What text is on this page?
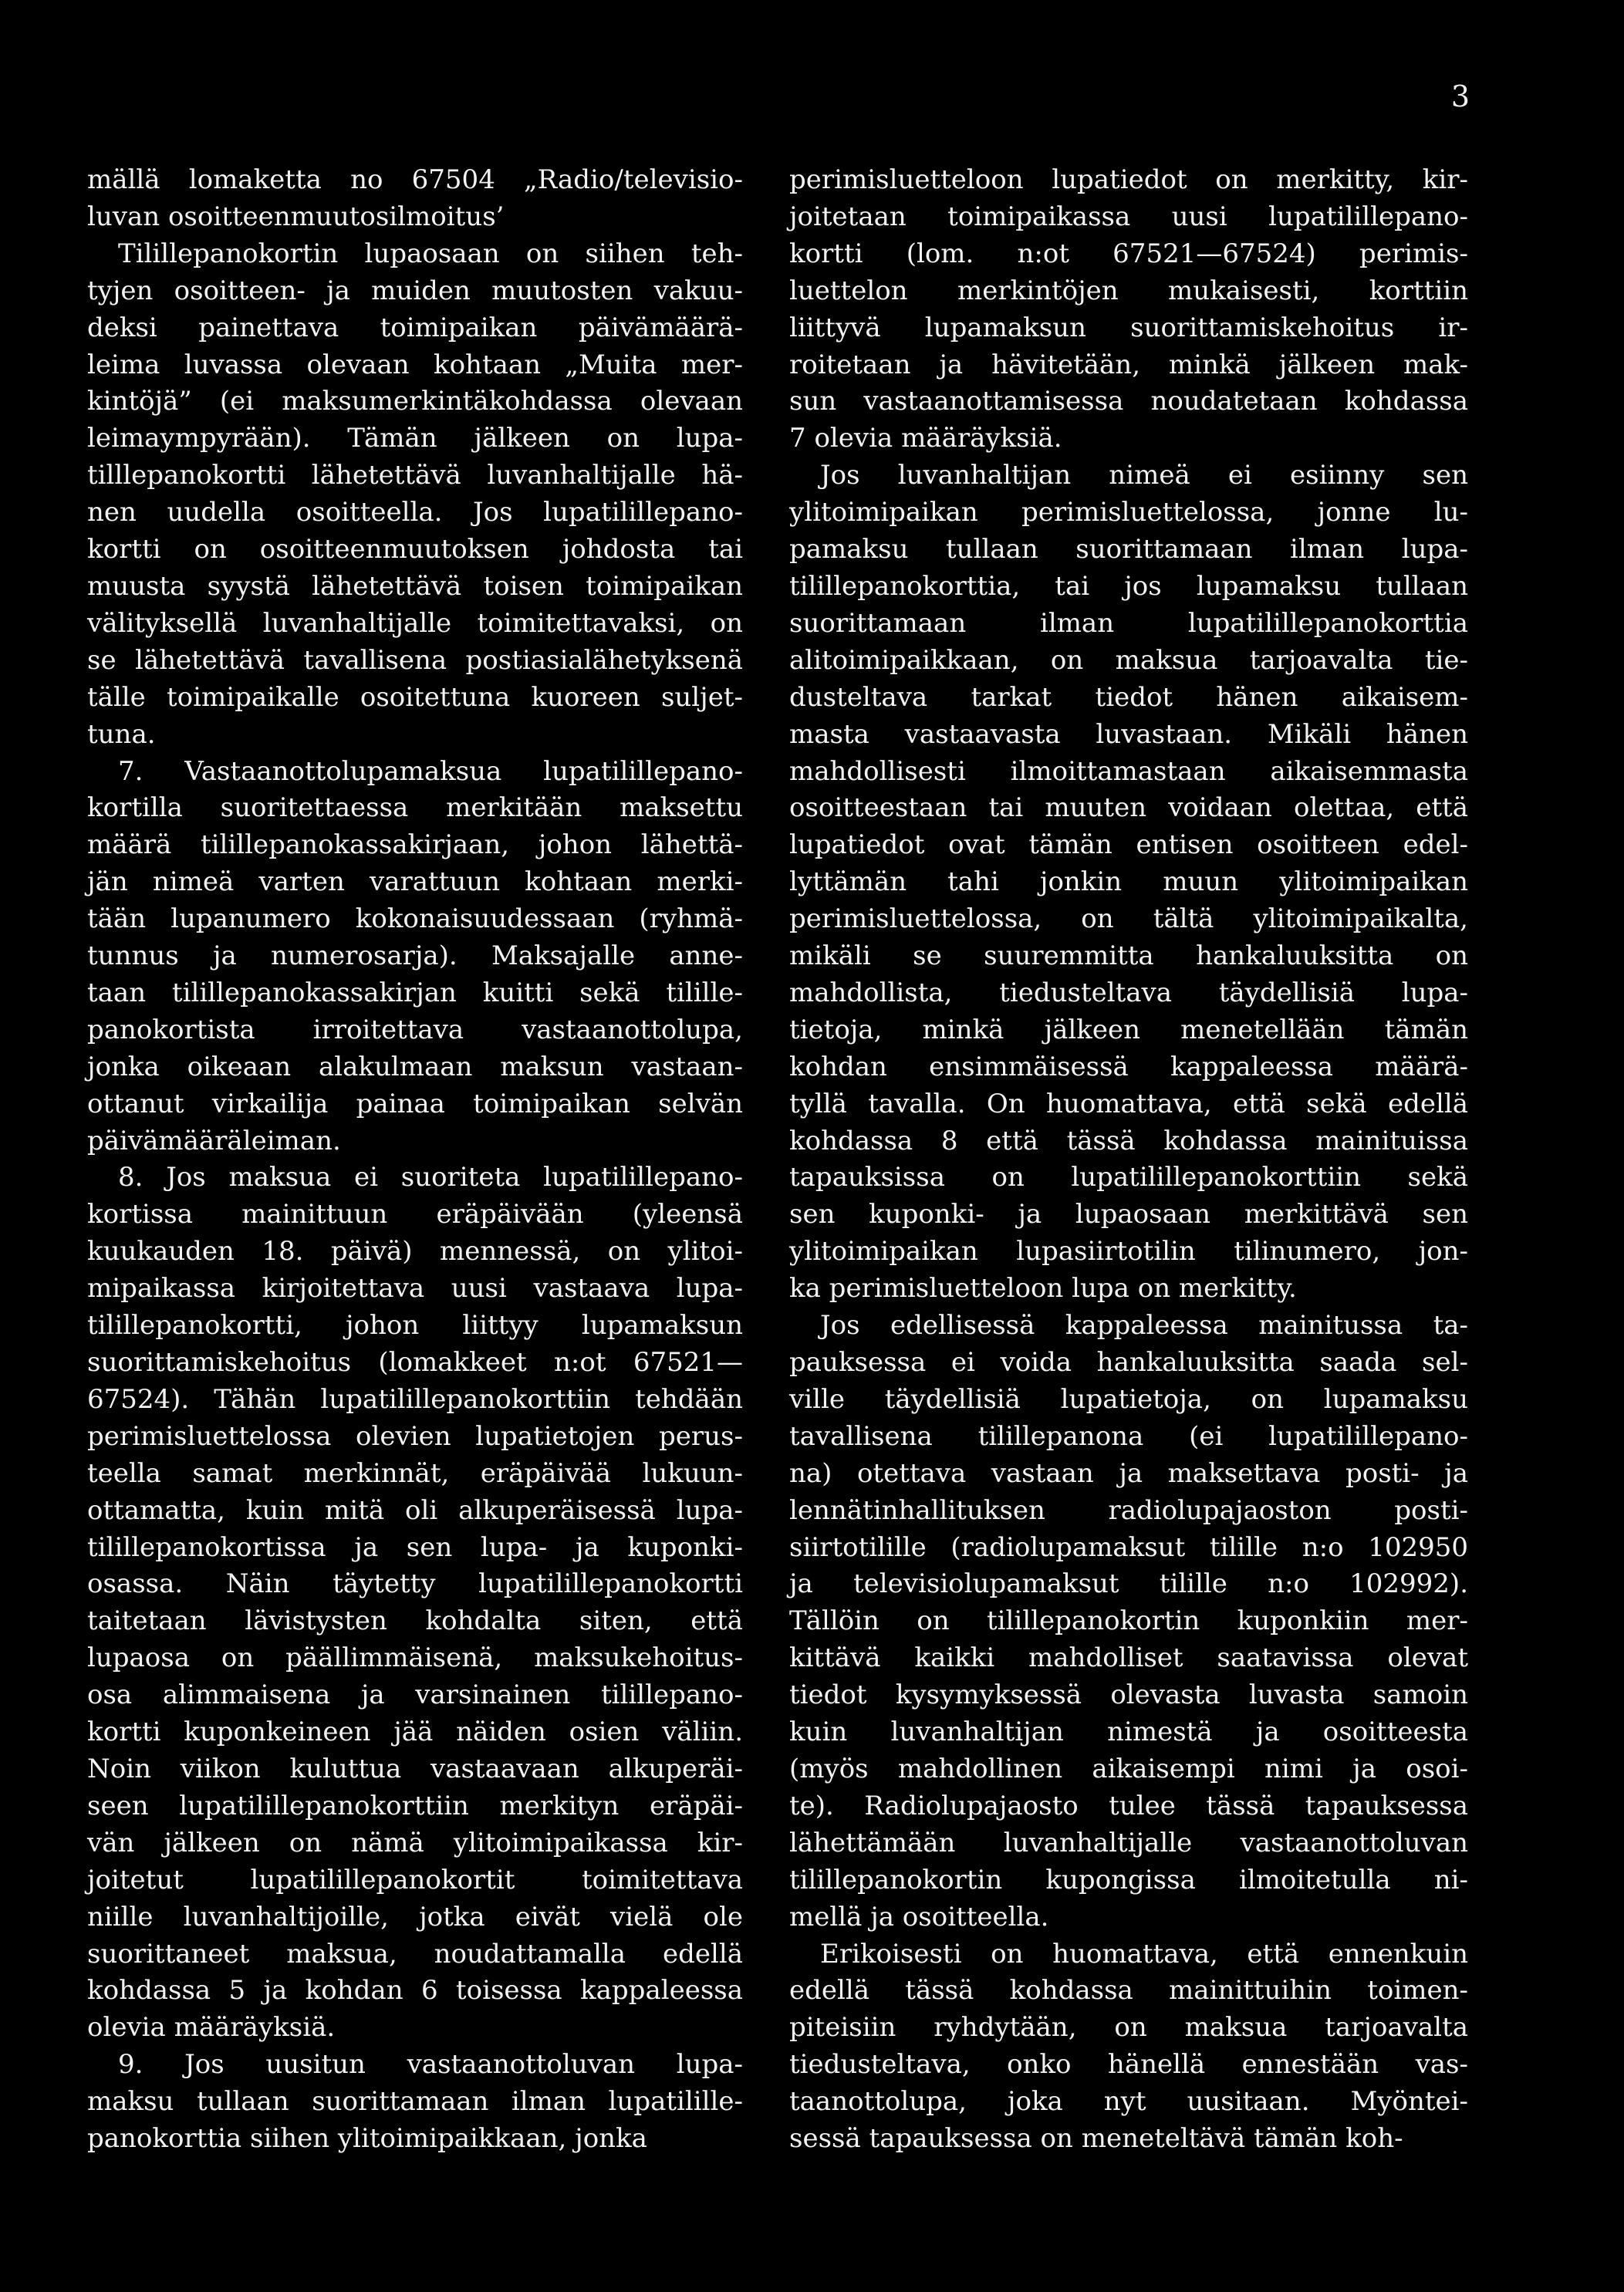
3
mällä lomaketta no 67504 „Radio/televisio-
luvan osoitteenmuutosilmoitus’
Tilillepanokortin lupaosaan on siihen teh-
tyjen osoitteen- ja muiden muutosten vakuu-
deksi painettava toimipaikan päivämäärä-
leima luvassa olevaan kohtaan „Muita mer-
kintöjä” (ei maksumerkintäkohdassa olevaan
leimaympyrään). Tämän jälkeen on lupa-
tilllepanokortti lähetettävä luvanhaltijalle hä-
nen uudella osoitteella. Jos lupatilillepano-
kortti on osoitteenmuutoksen johdosta tai
muusta syystä lähetettävä toisen toimipaikan
välityksellä luvanhaltijalle toimitettavaksi, on
se lähetettävä tavallisena postiasialähetyksenä
tälle toimipaikalle osoitettuna kuoreen suljet-
tuna.
7. Vastaanottolupamaksua lupatilillepano-
kortilla suoritettaessa merkitään maksettu
määrä tilillepanokassakirjaan, johon lähettä-
jän nimeä varten varattuun kohtaan merki-
tään lupanumero kokonaisuudessaan (ryhmä-
tunnus ja numerosarja). Maksajalle anne-
taan tilillepanokassakirjan kuitti sekä tilille-
panokortista irroitettava vastaanottolupa,
jonka oikeaan alakulmaan maksun vastaan-
ottanut virkailija painaa toimipaikan selvän
päivämääräleiman.
8. Jos maksua ei suoriteta lupatilillepano-
kortissa mainittuun eräpäivään (yleensä
kuukauden 18. päivä) mennessä, on ylitoi-
mipaikassa kirjoitettava uusi vastaava lupa-
tilillepanokortti, johon liittyy lupamaksun
suorittamiskehoitus (lomakkeet n:ot 67521—
67524). Tähän lupatilillepanokorttiin tehdään
perimisluettelossa olevien lupatietojen perus-
teella samat merkinnät, eräpäivää lukuun-
ottamatta, kuin mitä oli alkuperäisessä lupa-
tilillepanokortissa ja sen lupa- ja kuponki-
osassa. Näin täytetty lupatilillepanokortti
taitetaan lävistysten kohdalta siten, että
lupaosa on päällimmäisenä, maksukehoitus-
osa alimmaisena ja varsinainen tilillepano-
kortti kuponkeineen jää näiden osien väliin.
Noin viikon kuluttua vastaavaan alkuperäi-
seen lupatilillepanokorttiin merkityn eräpäi-
vän jälkeen on nämä ylitoimipaikassa kir-
joitetut lupatilillepanokortit toimitettava
niille luvanhaltijoille, jotka eivät vielä ole
suorittaneet maksua, noudattamalla edellä
kohdassa 5 ja kohdan 6 toisessa kappaleessa
olevia määräyksiä.
9. Jos uusitun vastaanottoluvan lupa-
maksu tullaan suorittamaan ilman lupatilille-
panokorttia siihen ylitoimipaikkaan, jonka
perimisluetteloon lupatiedot on merkitty, kir-
joitetaan toimipaikassa uusi lupatilillepano-
kortti (lom. n:ot 67521—67524) perimis-
luettelon merkintöjen mukaisesti, korttiin
liittyvä lupamaksun suorittamiskehoitus ir-
roitetaan ja hävitetään, minkä jälkeen mak-
sun vastaanottamisessa noudatetaan kohdassa
7 olevia määräyksiä.
Jos luvanhaltijan nimeä ei esiinny sen
ylitoimipaikan perimisluettelossa, jonne lu-
pamaksu tullaan suorittamaan ilman lupa-
tilillepanokorttia, tai jos lupamaksu tullaan
suorittamaan ilman lupatilillepanokorttia
alitoimipaikkaan, on maksua tarjoavalta tie-
dusteltava tarkat tiedot hänen aikaisem-
masta vastaavasta luvastaan. Mikäli hänen
mahdollisesti ilmoittamastaan aikaisemmasta
osoitteestaan tai muuten voidaan olettaa, että
lupatiedot ovat tämän entisen osoitteen edel-
lyttämän tahi jonkin muun ylitoimipaikan
perimisluettelossa, on tältä ylitoimipaikalta,
mikäli se suuremmitta hankaluuksitta on
mahdollista, tiedusteltava täydellisiä lupa-
tietoja, minkä jälkeen menetellään tämän
kohdan ensimmäisessä kappaleessa määrä-
tyllä tavalla. On huomattava, että sekä edellä
kohdassa 8 että tässä kohdassa mainituissa
tapauksissa on lupatilillepanokorttiin sekä
sen kuponki- ja lupaosaan merkittävä sen
ylitoimipaikan lupasiirtotilin tilinumero, jon-
ka perimisluetteloon lupa on merkitty.
Jos edellisessä kappaleessa mainitussa ta-
pauksessa ei voida hankaluuksitta saada sel-
ville täydellisiä lupatietoja, on lupamaksu
tavallisena tilillepanona (ei lupatilillepano-
na) otettava vastaan ja maksettava posti- ja
lennätinhallituksen radiolupajaoston posti-
siirtotilille (radiolupamaksut tilille n:o 102950
ja televisiolupamaksut tilille n:o 102992).
Tällöin on tilillepanokortin kuponkiin mer-
kittävä kaikki mahdolliset saatavissa olevat
tiedot kysymyksessä olevasta luvasta samoin
kuin luvanhaltijan nimestä ja osoitteesta
(myös mahdollinen aikaisempi nimi ja osoi-
te). Radiolupajaosto tulee tässä tapauksessa
lähettämään luvanhaltijalle vastaanottoluvan
tilillepanokortin kupongissa ilmoitetulla ni-
mellä ja osoitteella.
Erikoisesti on huomattava, että ennenkuin
edellä tässä kohdassa mainittuihin toimen-
pitеisiin ryhdytään, on maksua tarjoavalta
tiedusteltava, onko hänellä ennestään vas-
taanottolupa, joka nyt uusitaan. Myöntei-
sessä tapauksessa on meneteltävä tämän koh-
